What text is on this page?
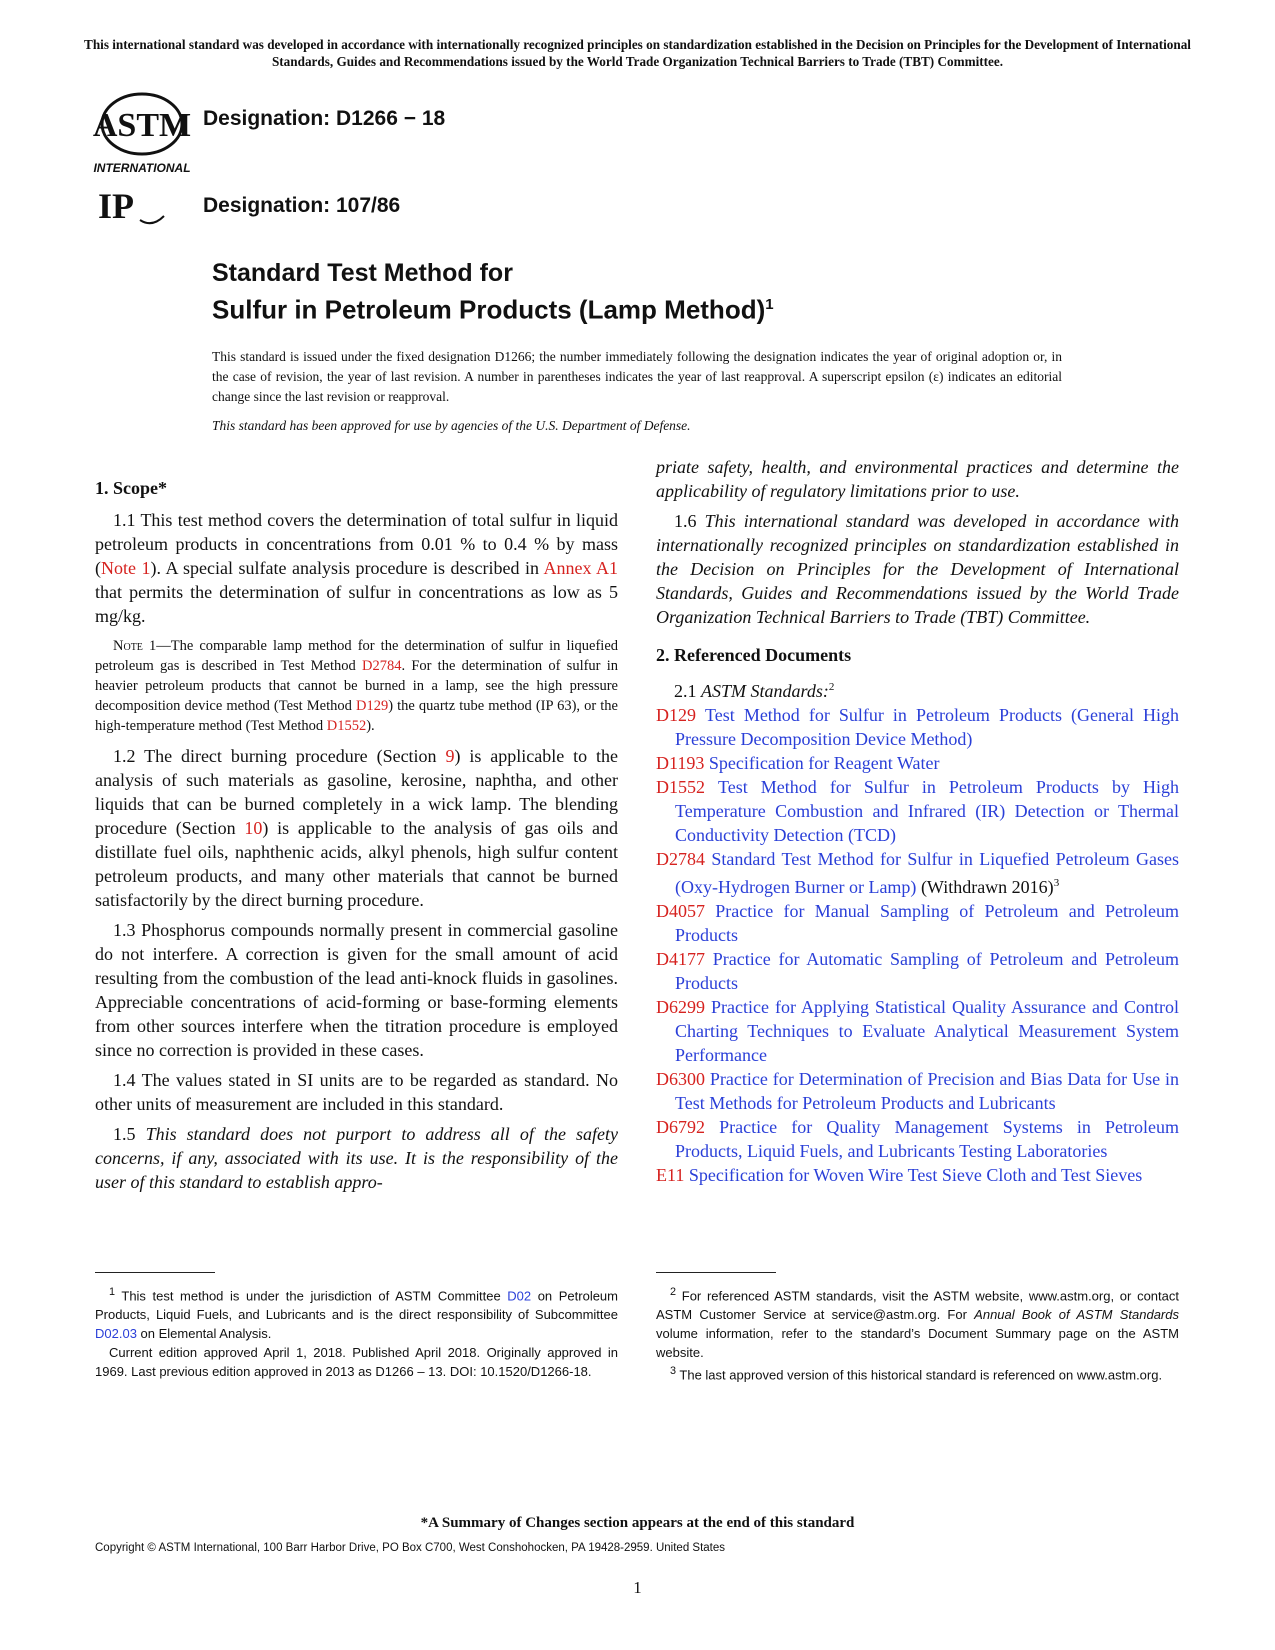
This international standard was developed in accordance with internationally recognized principles on standardization established in the Decision on Principles for the Development of International Standards, Guides and Recommendations issued by the World Trade Organization Technical Barriers to Trade (TBT) Committee.
ASTM
INTERNATIONAL
Designation: D1266 − 18
IP	Designation: 107/86
Standard Test Method for
Sulfur in Petroleum Products (Lamp Method)$^1$
This standard is issued under the fixed designation D1266; the number immediately following the designation indicates the year of original adoption or, in the case of revision, the year of last revision. A number in parentheses indicates the year of last reapproval. A superscript epsilon (ε) indicates an editorial change since the last revision or reapproval.
This standard has been approved for use by agencies of the U.S. Department of Defense.
1. Scope*
1.1 This test method covers the determination of total sulfur in liquid petroleum products in concentrations from 0.01 % to 0.4 % by mass (Note 1). A special sulfate analysis procedure is described in Annex A1 that permits the determination of sulfur in concentrations as low as 5 mg/kg.
Note 1—The comparable lamp method for the determination of sulfur in liquefied petroleum gas is described in Test Method D2784. For the determination of sulfur in heavier petroleum products that cannot be burned in a lamp, see the high pressure decomposition device method (Test Method D129) the quartz tube method (IP 63), or the high-temperature method (Test Method D1552).
1.2 The direct burning procedure (Section 9) is applicable to the analysis of such materials as gasoline, kerosine, naphtha, and other liquids that can be burned completely in a wick lamp. The blending procedure (Section 10) is applicable to the analysis of gas oils and distillate fuel oils, naphthenic acids, alkyl phenols, high sulfur content petroleum products, and many other materials that cannot be burned satisfactorily by the direct burning procedure.
1.3 Phosphorus compounds normally present in commercial gasoline do not interfere. A correction is given for the small amount of acid resulting from the combustion of the lead anti-knock fluids in gasolines. Appreciable concentrations of acid-forming or base-forming elements from other sources interfere when the titration procedure is employed since no correction is provided in these cases.
1.4 The values stated in SI units are to be regarded as standard. No other units of measurement are included in this standard.
1.5 This standard does not purport to address all of the safety concerns, if any, associated with its use. It is the responsibility of the user of this standard to establish appro-
priate safety, health, and environmental practices and determine the applicability of regulatory limitations prior to use.
1.6 This international standard was developed in accordance with internationally recognized principles on standardization established in the Decision on Principles for the Development of International Standards, Guides and Recommendations issued by the World Trade Organization Technical Barriers to Trade (TBT) Committee.
2. Referenced Documents
2.1 ASTM Standards:$^2$
D129 Test Method for Sulfur in Petroleum Products (General High Pressure Decomposition Device Method)
D1193 Specification for Reagent Water
D1552 Test Method for Sulfur in Petroleum Products by High Temperature Combustion and Infrared (IR) Detection or Thermal Conductivity Detection (TCD)
D2784 Standard Test Method for Sulfur in Liquefied Petroleum Gases (Oxy-Hydrogen Burner or Lamp) (Withdrawn 2016)$^3$
D4057 Practice for Manual Sampling of Petroleum and Petroleum Products
D4177 Practice for Automatic Sampling of Petroleum and Petroleum Products
D6299 Practice for Applying Statistical Quality Assurance and Control Charting Techniques to Evaluate Analytical Measurement System Performance
D6300 Practice for Determination of Precision and Bias Data for Use in Test Methods for Petroleum Products and Lubricants
D6792 Practice for Quality Management Systems in Petroleum Products, Liquid Fuels, and Lubricants Testing Laboratories
E11 Specification for Woven Wire Test Sieve Cloth and Test Sieves
$^1$ This test method is under the jurisdiction of ASTM Committee D02 on Petroleum Products, Liquid Fuels, and Lubricants and is the direct responsibility of Subcommittee D02.03 on Elemental Analysis.
Current edition approved April 1, 2018. Published April 2018. Originally approved in 1969. Last previous edition approved in 2013 as D1266 – 13. DOI: 10.1520/D1266-18.
$^2$ For referenced ASTM standards, visit the ASTM website, www.astm.org, or contact ASTM Customer Service at service@astm.org. For Annual Book of ASTM Standards volume information, refer to the standard’s Document Summary page on the ASTM website.
$^3$ The last approved version of this historical standard is referenced on www.astm.org.
*A Summary of Changes section appears at the end of this standard
Copyright © ASTM International, 100 Barr Harbor Drive, PO Box C700, West Conshohocken, PA 19428-2959. United States
1
